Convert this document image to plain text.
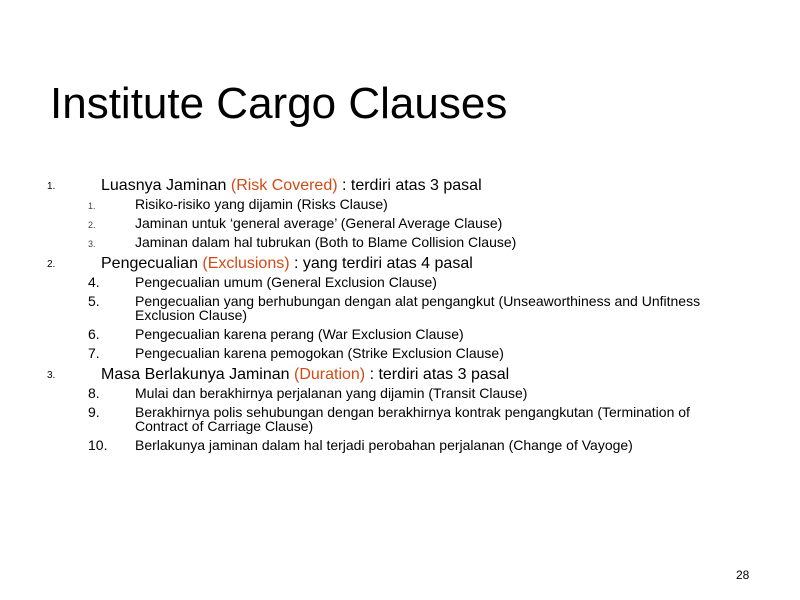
Institute Cargo Clauses
1.	Luasnya Jaminan (Risk Covered) : terdiri atas 3 pasal
1.	Risiko-risiko yang dijamin (Risks Clause)
2.	Jaminan untuk ‘general average’ (General Average Clause)
3.	Jaminan dalam hal tubrukan (Both to Blame Collision Clause)
2.	Pengecualian (Exclusions) : yang terdiri atas 4 pasal
4.	Pengecualian umum (General Exclusion Clause)
5.	Pengecualian yang berhubungan dengan alat pengangkut (Unseaworthiness and Unfitness Exclusion Clause)
6.	Pengecualian karena perang (War Exclusion Clause)
7.	Pengecualian karena pemogokan (Strike Exclusion Clause)
3.	Masa Berlakunya Jaminan (Duration) : terdiri atas 3 pasal
8.	Mulai dan berakhirnya perjalanan yang dijamin (Transit Clause)
9.	Berakhirnya polis sehubungan dengan berakhirnya kontrak pengangkutan (Termination of Contract of Carriage Clause)
10. Berlakunya jaminan dalam hal terjadi perobahan perjalanan (Change of Vayoge)
28
